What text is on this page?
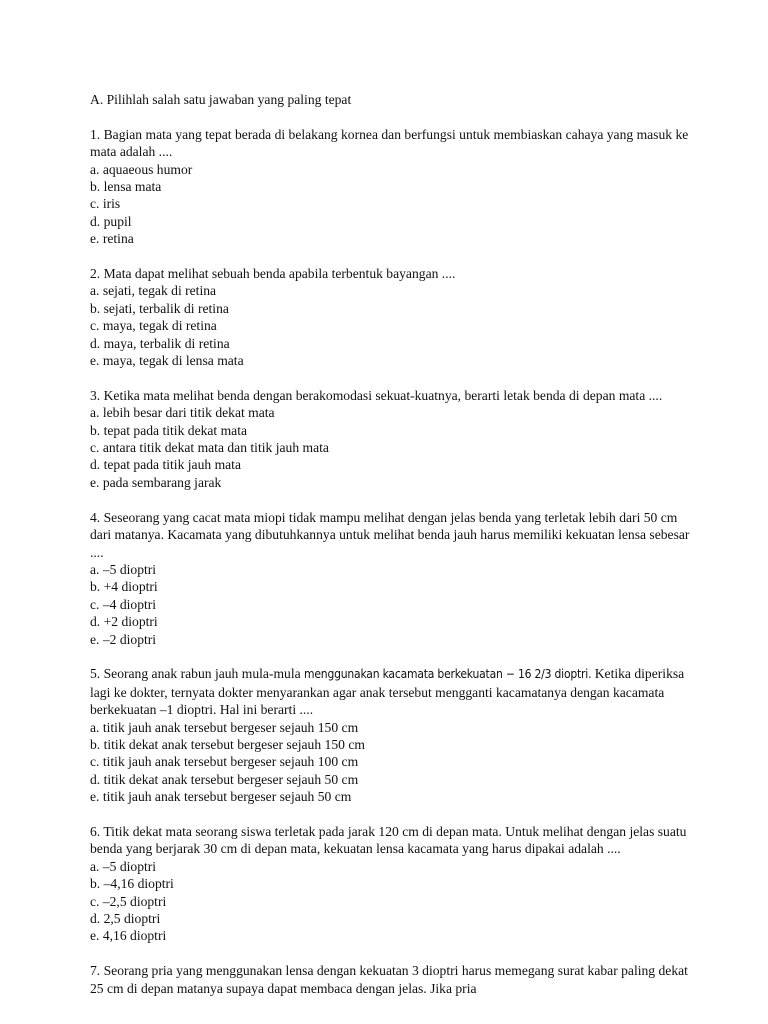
A. Pilihlah salah satu jawaban yang paling tepat

1. Bagian mata yang tepat berada di belakang kornea dan berfungsi untuk membiaskan cahaya yang masuk ke mata adalah ....
a. aquaeous humor
b. lensa mata
c. iris
d. pupil
e. retina
2. Mata dapat melihat sebuah benda apabila terbentuk bayangan ....
a. sejati, tegak di retina
b. sejati, terbalik di retina
c. maya, tegak di retina
d. maya, terbalik di retina
e. maya, tegak di lensa mata
3. Ketika mata melihat benda dengan berakomodasi sekuat-kuatnya, berarti letak benda di depan mata ....
a. lebih besar dari titik dekat mata
b. tepat pada titik dekat mata
c. antara titik dekat mata dan titik jauh mata
d. tepat pada titik jauh mata
e. pada sembarang jarak
4. Seseorang yang cacat mata miopi tidak mampu melihat dengan jelas benda yang terletak lebih dari 50 cm dari matanya. Kacamata yang dibutuhkannya untuk melihat benda jauh harus memiliki kekuatan lensa sebesar ....
a. –5 dioptri
b. +4 dioptri
c. –4 dioptri
d. +2 dioptri
e. –2 dioptri
5. Seorang anak rabun jauh mula-mula menggunakan kacamata berkekuatan − 16 2/3 dioptri. Ketika diperiksa lagi ke dokter, ternyata dokter menyarankan agar anak tersebut mengganti kacamatanya dengan kacamata berkekuatan –1 dioptri. Hal ini berarti ....
a. titik jauh anak tersebut bergeser sejauh 150 cm
b. titik dekat anak tersebut bergeser sejauh 150 cm
c. titik jauh anak tersebut bergeser sejauh 100 cm
d. titik dekat anak tersebut bergeser sejauh 50 cm
e. titik jauh anak tersebut bergeser sejauh 50 cm
6. Titik dekat mata seorang siswa terletak pada jarak 120 cm di depan mata. Untuk melihat dengan jelas suatu benda yang berjarak 30 cm di depan mata, kekuatan lensa kacamata yang harus dipakai adalah ....
a. –5 dioptri
b. –4,16 dioptri
c. –2,5 dioptri
d. 2,5 dioptri
e. 4,16 dioptri
7. Seorang pria yang menggunakan lensa dengan kekuatan 3 dioptri harus memegang surat kabar paling dekat 25 cm di depan matanya supaya dapat membaca dengan jelas. Jika pria
